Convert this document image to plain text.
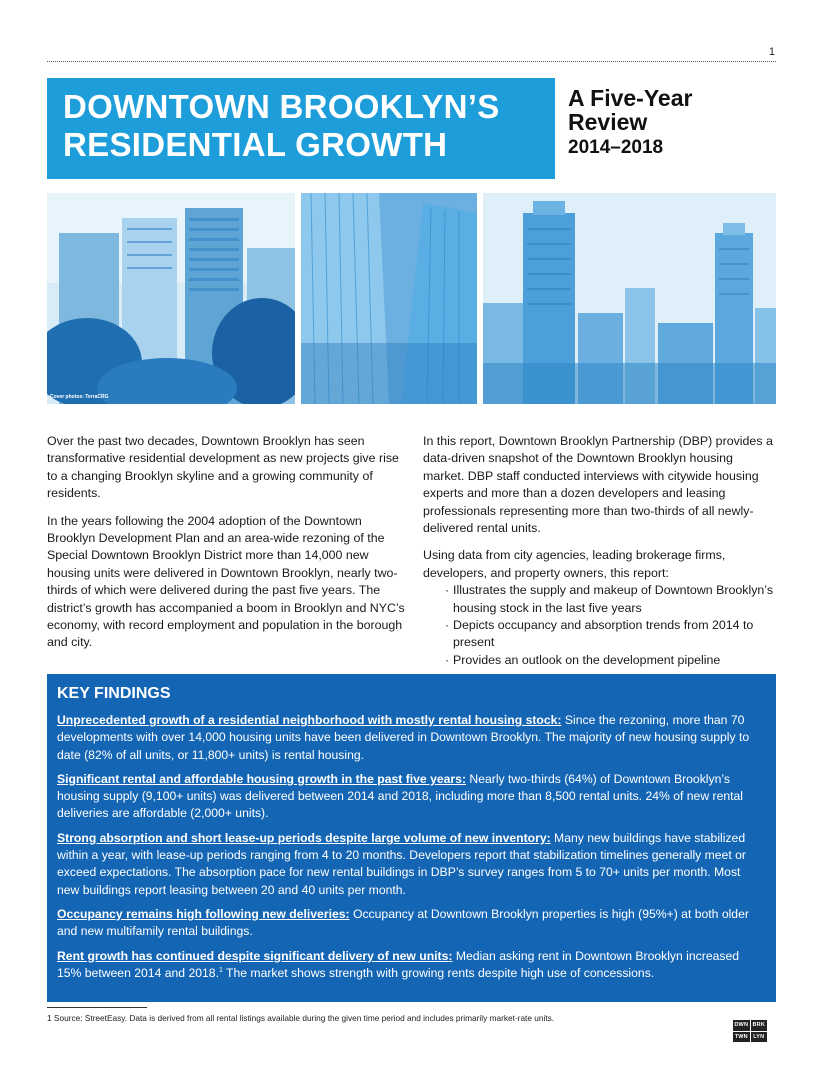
1
DOWNTOWN BROOKLYN’S
RESIDENTIAL GROWTH
A Five-Year
Review
2014–2018
Cover photos: TerraCRG

Over the past two decades, Downtown Brooklyn has seen transformative residential development as new projects give rise to a changing Brooklyn skyline and a growing community of residents.

In the years following the 2004 adoption of the Downtown Brooklyn Development Plan and an area-wide rezoning of the Special Downtown Brooklyn District more than 14,000 new housing units were delivered in Downtown Brooklyn, nearly two-thirds of which were delivered during the past five years. The district’s growth has accompanied a boom in Brooklyn and NYC’s economy, with record employment and population in the borough and city.

In this report, Downtown Brooklyn Partnership (DBP) provides a data-driven snapshot of the Downtown Brooklyn housing market. DBP staff conducted interviews with citywide housing experts and more than a dozen developers and leasing professionals representing more than two-thirds of all newly-delivered rental units.

Using data from city agencies, leading brokerage firms, developers, and property owners, this report:

· Illustrates the supply and makeup of Downtown Brooklyn’s housing stock in the last five years
· Depicts occupancy and absorption trends from 2014 to present
· Provides an outlook on the development pipeline
KEY FINDINGS

Unprecedented growth of a residential neighborhood with mostly rental housing stock: Since the rezoning, more than 70 developments with over 14,000 housing units have been delivered in Downtown Brooklyn. The majority of new housing supply to date (82% of all units, or 11,800+ units) is rental housing.

Significant rental and affordable housing growth in the past five years: Nearly two-thirds (64%) of Downtown Brooklyn’s housing supply (9,100+ units) was delivered between 2014 and 2018, including more than 8,500 rental units. 24% of new rental deliveries are affordable (2,000+ units).

Strong absorption and short lease-up periods despite large volume of new inventory: Many new buildings have stabilized within a year, with lease-up periods ranging from 4 to 20 months. Developers report that stabilization timelines generally meet or exceed expectations. The absorption pace for new rental buildings in DBP’s survey ranges from 5 to 70+ units per month. Most new buildings report leasing between 20 and 40 units per month.

Occupancy remains high following new deliveries: Occupancy at Downtown Brooklyn properties is high (95%+) at both older and new multifamily rental buildings.

Rent growth has continued despite significant delivery of new units: Median asking rent in Downtown Brooklyn increased 15% between 2014 and 2018.$^1$ The market shows strength with growing rents despite high use of concessions.

1 Source: StreetEasy. Data is derived from all rental listings available during the given time period and includes primarily market-rate units.
DWN BRK
TWN LYN
